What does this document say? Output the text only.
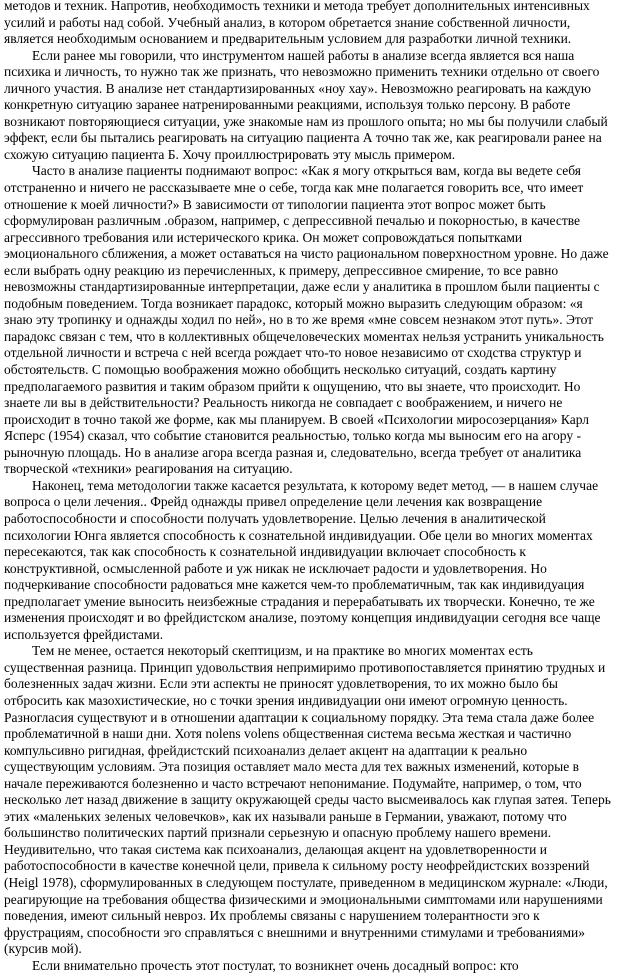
методов и техник. Напротив, необходимость техники и метода требует дополнительных интенсивных усилий и работы над собой. Учебный анализ, в котором обретается знание собственной личности, является необходимым основанием и предварительным условием для разработки личной техники.

Если ранее мы говорили, что инструментом нашей работы в анализе всегда является вся наша психика и личность, то нужно так же признать, что невозможно применить техники отдельно от своего личного участия. В анализе нет стандартизированных «ноу хау». Невозможно реагировать на каждую конкретную ситуацию заранее натренированными реакциями, используя только персону. В работе возникают повторяющиеся ситуации, уже знакомые нам из прошлого опыта; но мы бы получили слабый эффект, если бы пытались реагировать на ситуацию пациента А точно так же, как реагировали ранее на схожую ситуацию пациента Б. Хочу проиллюстрировать эту мысль примером.

Часто в анализе пациенты поднимают вопрос: «Как я могу открыться вам, когда вы ведете себя отстраненно и ничего не рассказываете мне о себе, тогда как мне полагается говорить все, что имеет отношение к моей личности?» В зависимости от типологии пациента этот вопрос может быть сформулирован различным .образом, например, с депрессивной печалью и покорностью, в качестве агрессивного требования или истерического крика. Он может сопровождаться попытками эмоционального сближения, а может оставаться на чисто рациональном поверхностном уровне. Но даже если выбрать одну реакцию из перечисленных, к примеру, депрессивное смирение, то все равно невозможны стандартизированные интерпретации, даже если у аналитика в прошлом были пациенты с подобным поведением. Тогда возникает парадокс, который можно выразить следующим образом: «я знаю эту тропинку и однажды ходил по ней», но в то же время «мне совсем незнаком этот путь». Этот парадокс связан с тем, что в коллективных общечеловеческих моментах нельзя устранить уникальность отдельной личности и встреча с ней всегда рождает что-то новое независимо от сходства структур и обстоятельств. С помощью воображения можно обобщить несколько ситуаций, создать картину предполагаемого развития и таким образом прийти к ощущению, что вы знаете, что происходит. Но знаете ли вы в действительности? Реальность никогда не совпадает с воображением, и ничего не происходит в точно такой же форме, как мы планируем. В своей «Психологии миросозерцания» Карл Ясперс (1954) сказал, что событие становится реальностью, только когда мы выносим его на агору - рыночную площадь. Но в анализе агора всегда разная и, следовательно, всегда требует от аналитика творческой «техники» реагирования на ситуацию.

Наконец, тема методологии также касается результата, к которому ведет метод, — в нашем случае вопроса о цели лечения.. Фрейд однажды привел определение цели лечения как возвращение работоспособности и способности получать удовлетворение. Целью лечения в аналитической психологии Юнга является способность к сознательной индивидуации. Обе цели во многих моментах пересекаются, так как способность к сознательной индивидуации включает способность к конструктивной, осмысленной работе и уж никак не исключает радости и удовлетворения. Но подчеркивание способности радоваться мне кажется чем-то проблематичным, так как индивидуация предполагает умение выносить неизбежные страдания и перерабатывать их творчески. Конечно, те же изменения происходят и во фрейдистском анализе, поэтому концепция индивидуации сегодня все чаще используется фрейдистами.

Тем не менее, остается некоторый скептицизм, и на практике во многих моментах есть существенная разница. Принцип удовольствия непримиримо противопоставляется принятию трудных и болезненных задач жизни. Если эти аспекты не приносят удовлетворения, то их можно было бы отбросить как мазохистические, но с точки зрения индивидуации они имеют огромную ценность. Разногласия существуют и в отношении адаптации к социальному порядку. Эта тема стала даже более проблематичной в наши дни. Хотя nolens volens общественная система весьма жесткая и частично компульсивно ригидная, фрейдистский психоанализ делает акцент на адаптации к реально существующим условиям. Эта позиция оставляет мало места для тех важных изменений, которые в начале переживаются болезненно и часто встречают непонимание. Подумайте, например, о том, что несколько лет назад движение в защиту окружающей среды часто высмеивалось как глупая затея. Теперь этих «маленьких зеленых человечков», как их называли раньше в Германии, уважают, потому что большинство политических партий признали серьезную и опасную проблему нашего времени. Неудивительно, что такая система как психоанализ, делающая акцент на удовлетворенности и работоспособности в качестве конечной цели, привела к сильному росту неофрейдистских воззрений (Heigl 1978), сформулированных в следующем постулате, приведенном в медицинском журнале: «Люди, реагирующие на требования общества физическими и эмоциональными симптомами или нарушениями поведения, имеют сильный невроз. Их проблемы связаны с нарушением толерантности эго к фрустрациям, способности эго справляться с внешними и внутренними стимулами и требованиями» (курсив мой).

Если внимательно прочесть этот постулат, то возникнет очень досадный вопрос: кто
